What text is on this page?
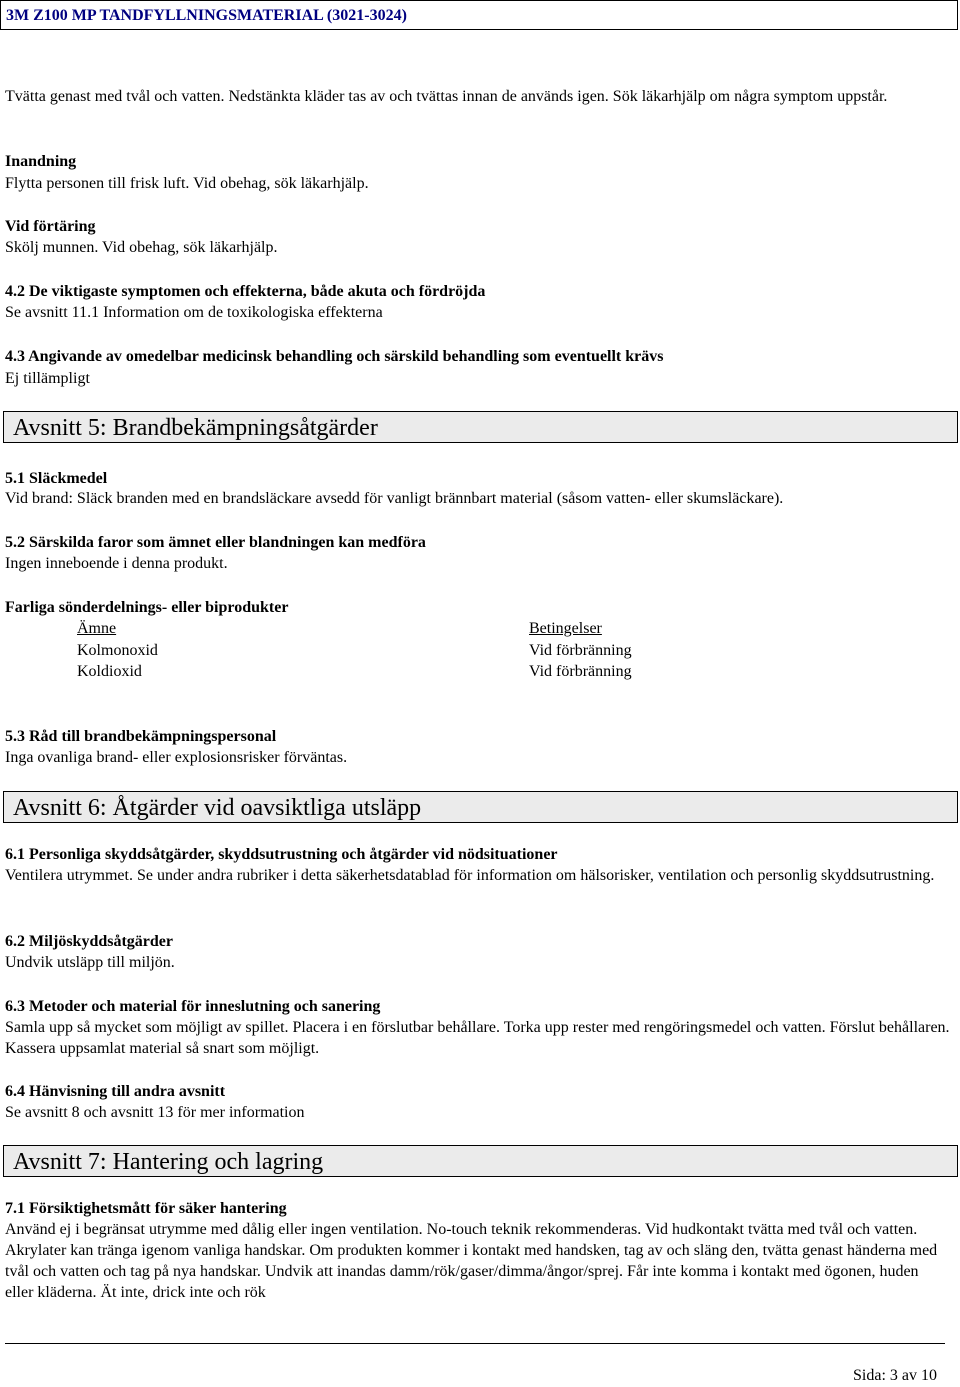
3M Z100 MP TANDFYLLNINGSMATERIAL (3021-3024)
Tvätta genast med tvål och vatten. Nedstänkta kläder tas av och tvättas innan de används igen. Sök läkarhjälp om några symptom uppstår.
Inandning
Flytta personen till frisk luft. Vid obehag, sök läkarhjälp.
Vid förtäring
Skölj munnen. Vid obehag, sök läkarhjälp.
4.2 De viktigaste symptomen och effekterna, både akuta och fördröjda
Se avsnitt 11.1 Information om de toxikologiska effekterna
4.3 Angivande av omedelbar medicinsk behandling och särskild behandling som eventuellt krävs
Ej tillämpligt
Avsnitt 5: Brandbekämpningsåtgärder
5.1 Släckmedel
Vid brand: Släck branden med en brandsläckare avsedd för vanligt brännbart material (såsom vatten- eller skumsläckare).
5.2 Särskilda faror som ämnet eller blandningen kan medföra
Ingen inneboende i denna produkt.
Farliga sönderdelnings- eller biprodukter
Ämne	Betingelser
Kolmonoxid	Vid förbränning
Koldioxid	Vid förbränning
5.3 Råd till brandbekämpningspersonal
Inga ovanliga brand- eller explosionsrisker förväntas.
Avsnitt 6: Åtgärder vid oavsiktliga utsläpp
6.1 Personliga skyddsåtgärder, skyddsutrustning och åtgärder vid nödsituationer
Ventilera utrymmet. Se under andra rubriker i detta säkerhetsdatablad för information om hälsorisker, ventilation och personlig skyddsutrustning.
6.2 Miljöskyddsåtgärder
Undvik utsläpp till miljön.
6.3 Metoder och material för inneslutning och sanering
Samla upp så mycket som möjligt av spillet. Placera i en förslutbar behållare. Torka upp rester med rengöringsmedel och vatten. Förslut behållaren. Kassera uppsamlat material så snart som möjligt.
6.4 Hänvisning till andra avsnitt
Se avsnitt 8 och avsnitt 13 för mer information
Avsnitt 7: Hantering och lagring
7.1 Försiktighetsmått för säker hantering
Använd ej i begränsat utrymme med dålig eller ingen ventilation. No-touch teknik rekommenderas. Vid hudkontakt tvätta med tvål och vatten. Akrylater kan tränga igenom vanliga handskar. Om produkten kommer i kontakt med handsken, tag av och släng den, tvätta genast händerna med tvål och vatten och tag på nya handskar. Undvik att inandas damm/rök/gaser/dimma/ångor/sprej. Får inte komma i kontakt med ögonen, huden eller kläderna. Ät inte, drick inte och rök
Sida: 3 av 10
